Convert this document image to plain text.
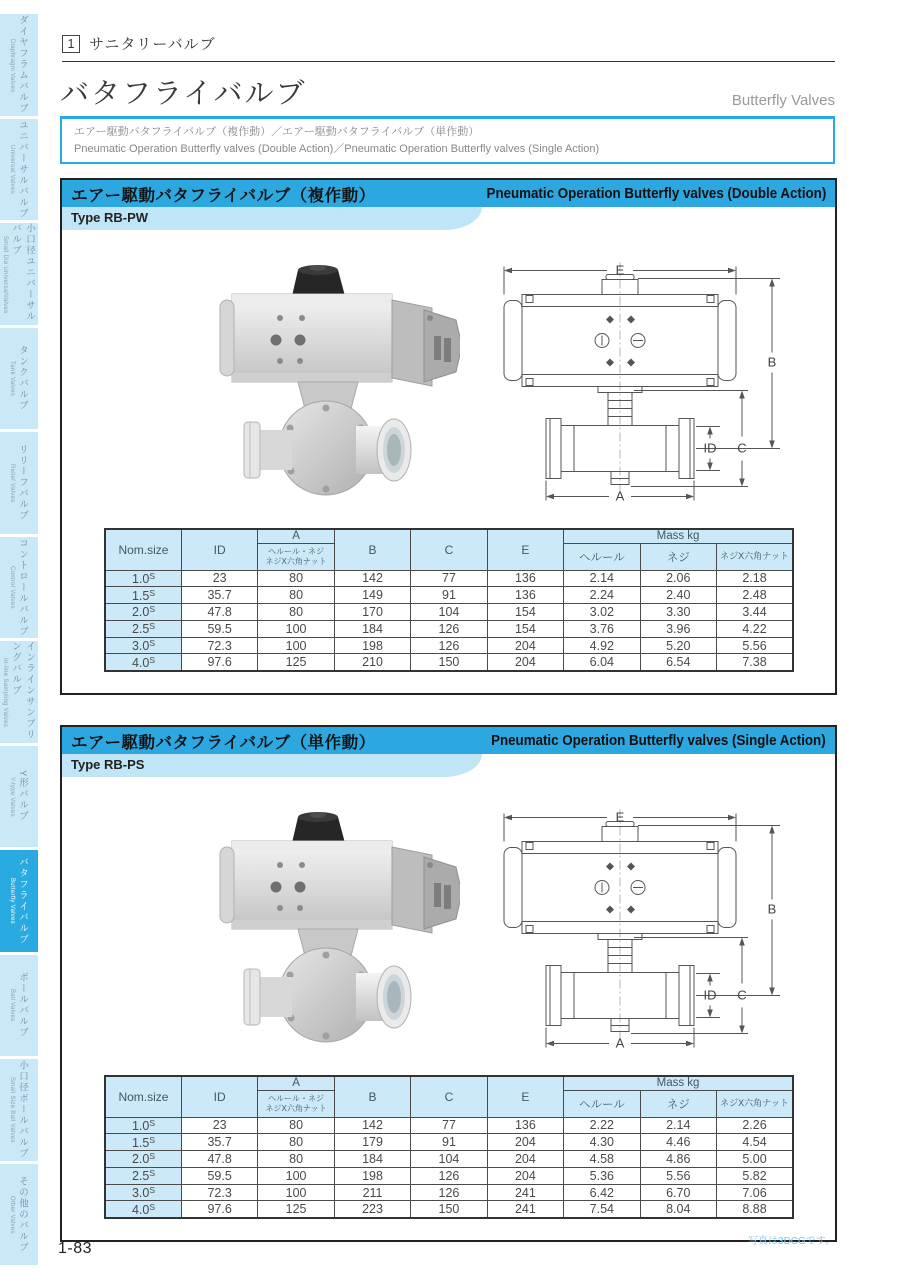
ダイヤフラムバルブ
Diaphragm Valves
ユニバーサルバルブ
Universal Valves
小口径ユニバーサルバルブ
Small Dia UniversalValves
タンクバルブ
Tank Valves
リリーフバルブ
Relief Valves
コントロールバルブ
Control Valves
インラインサンプリングバルブ
In-line Sampling Valves
Y形バルブ
Y-type Valves
バタフライバルブ
Butterfly Valves
ボールバルブ
Ball Valves
小口径ボールバルブ
Small Size Ball Valves
その他のバルブ
Other Valves
1 サニタリーバルブ
バタフライバルブ	Butterfly Valves
エアー駆動バタフライバルブ（複作動）／エアー駆動バタフライバルブ（単作動）
Pneumatic Operation Butterfly valves (Double Action)／Pneumatic Operation Butterfly valves (Single Action)
エアー駆動バタフライバルブ（複作動）	Pneumatic Operation Butterfly valves (Double Action)
Type RB-PW
E
B
ID C
A
Nom.size	ID	A	B	C	E	Mass kg		

		ヘルール・ネジ
ネジX六角ナット				ヘルール	ネジ	ネジX六角ナット
$1.0^S$	23	80	142	77	136	2.14	2.06	2.18
$1.5^S$	35.7	80	149	91	136	2.24	2.40	2.48
$2.0^S$	47.8	80	170	104	154	3.02	3.30	3.44
$2.5^S$	59.5	100	184	126	154	3.76	3.96	4.22
$3.0^S$	72.3	100	198	126	204	4.92	5.20	5.56
$4.0^S$	97.6	125	210	150	204	6.04	6.54	7.38
エアー駆動バタフライバルブ（単作動）	Pneumatic Operation Butterfly valves (Single Action)
Type RB-PS
E
B
ID C
A
Nom.size	ID	A	B	C	E	Mass kg		

		ヘルール・ネジ
ネジX六角ナット				ヘルール	ネジ	ネジX六角ナット
$1.0^S$	23	80	142	77	136	2.22	2.14	2.26
$1.5^S$	35.7	80	179	91	204	4.30	4.46	4.54
$2.0^S$	47.8	80	184	104	204	4.58	4.86	5.00
$2.5^S$	59.5	100	198	126	204	5.36	5.56	5.82
$3.0^S$	72.3	100	211	126	241	6.42	6.70	7.06
$4.0^S$	97.6	125	223	150	241	7.54	8.04	8.88
1-83	写真は3DCGです。
